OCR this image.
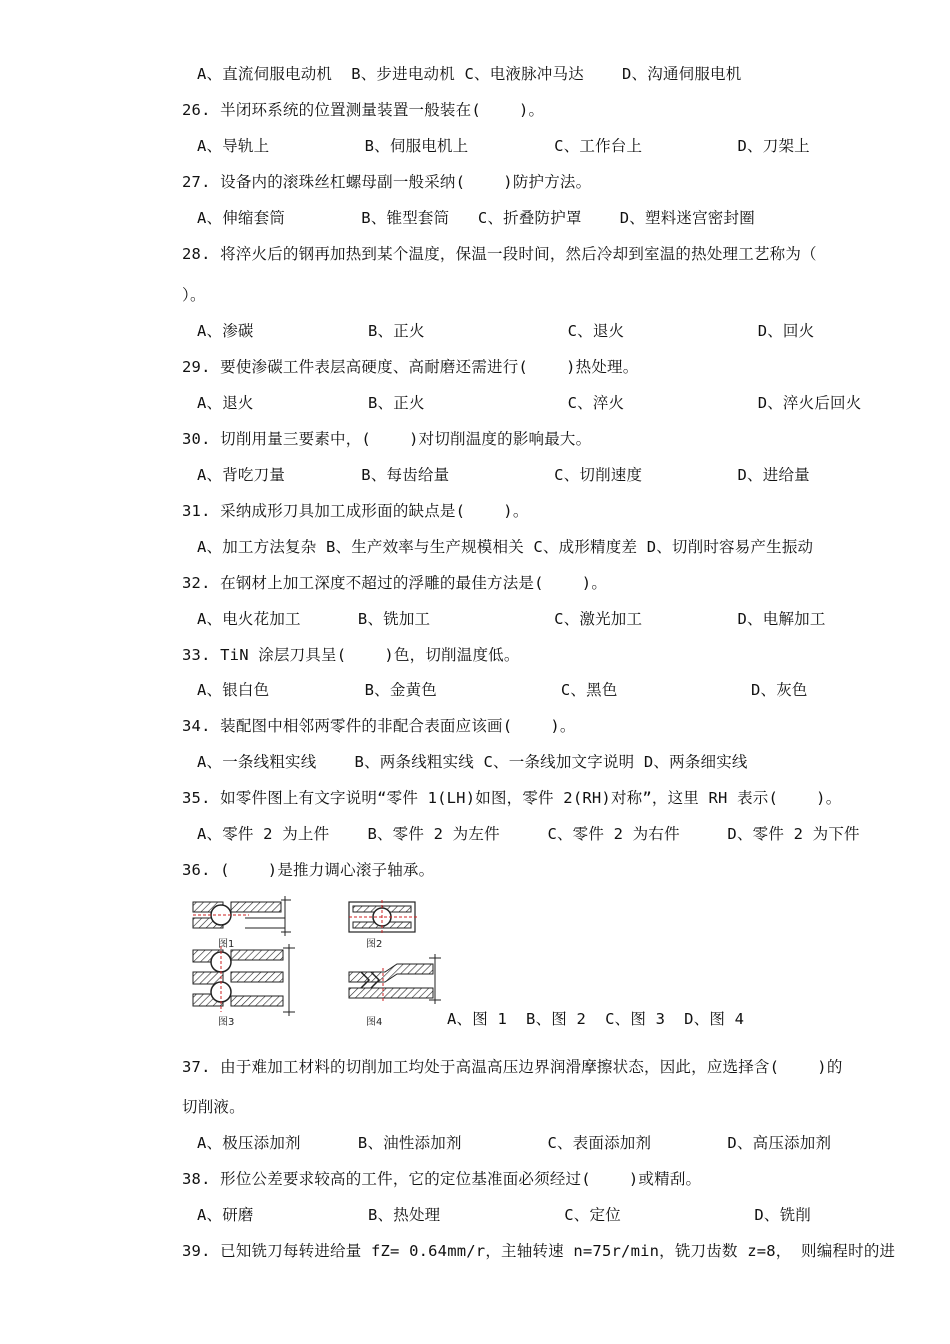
A、直流伺服电动机  B、步进电动机 C、电液脉冲马达    D、沟通伺服电机
26. 半闭环系统的位置测量装置一般装在(    )。
A、导轨上          B、伺服电机上         C、工作台上          D、刀架上
27. 设备内的滚珠丝杠螺母副一般采纳(    )防护方法。
A、伸缩套筒        B、锥型套筒   C、折叠防护罩    D、塑料迷宫密封圈
28. 将淬火后的钢再加热到某个温度，保温一段时间，然后冷却到室温的热处理工艺称为（
）。
A、渗碳            B、正火               C、退火              D、回火
29. 要使渗碳工件表层高硬度、高耐磨还需进行(    )热处理。
A、退火            B、正火               C、淬火              D、淬火后回火
30. 切削用量三要素中，(    )对切削温度的影响最大。
A、背吃刀量        B、每齿给量           C、切削速度          D、进给量
31. 采纳成形刀具加工成形面的缺点是(    )。
A、加工方法复杂 B、生产效率与生产规模相关 C、成形精度差 D、切削时容易产生振动
32. 在钢材上加工深度不超过的浮雕的最佳方法是(    )。
A、电火花加工      B、铣加工             C、激光加工          D、电解加工
33. TiN 涂层刀具呈(    )色，切削温度低。
A、银白色          B、金黄色             C、黑色              D、灰色
34. 装配图中相邻两零件的非配合表面应该画(    )。
A、一条线粗实线    B、两条线粗实线 C、一条线加文字说明 D、两条细实线
35. 如零件图上有文字说明“零件 1(LH)如图，零件 2(RH)对称”，这里 RH 表示(    )。
A、零件 2 为上件    B、零件 2 为左件     C、零件 2 为右件     D、零件 2 为下件
36. (    )是推力调心滚子轴承。
图1	图2
图3	图4	A、图 1  B、图 2  C、图 3  D、图 4
37. 由于难加工材料的切削加工均处于高温高压边界润滑摩擦状态，因此，应选择含(    )的
切削液。
A、极压添加剂      B、油性添加剂         C、表面添加剂        D、高压添加剂
38. 形位公差要求较高的工件，它的定位基准面必须经过(    )或精刮。
A、研磨            B、热处理             C、定位              D、铣削
39. 已知铣刀每转进给量 fZ= 0.64mm/r，主轴转速 n=75r/min，铣刀齿数 z=8， 则编程时的进
